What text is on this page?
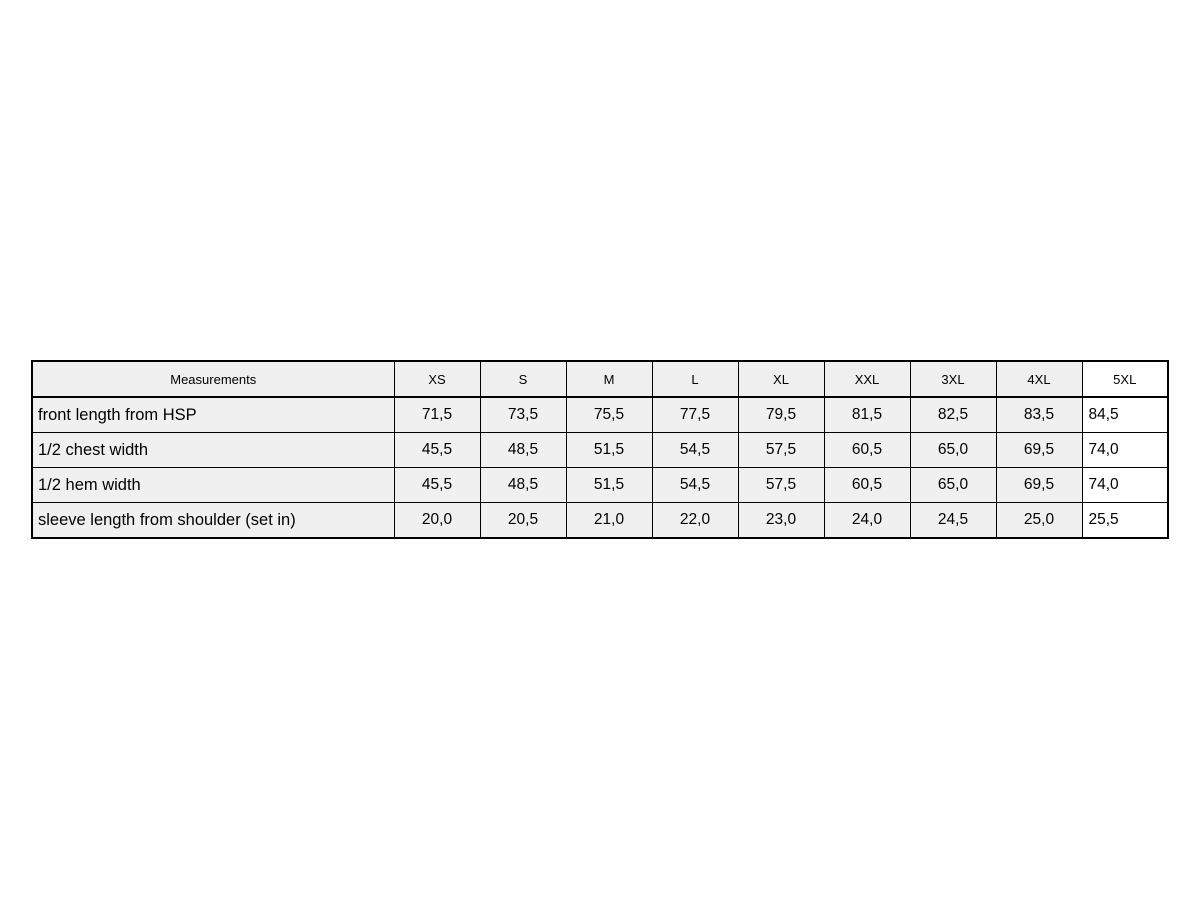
Measurements	XS	S	M	L	XL	XXL	3XL	4XL	5XL
front length from HSP	71,5	73,5	75,5	77,5	79,5	81,5	82,5	83,5	84,5
1/2 chest width	45,5	48,5	51,5	54,5	57,5	60,5	65,0	69,5	74,0
1/2 hem width	45,5	48,5	51,5	54,5	57,5	60,5	65,0	69,5	74,0
sleeve length from shoulder (set in)	20,0	20,5	21,0	22,0	23,0	24,0	24,5	25,0	25,5
